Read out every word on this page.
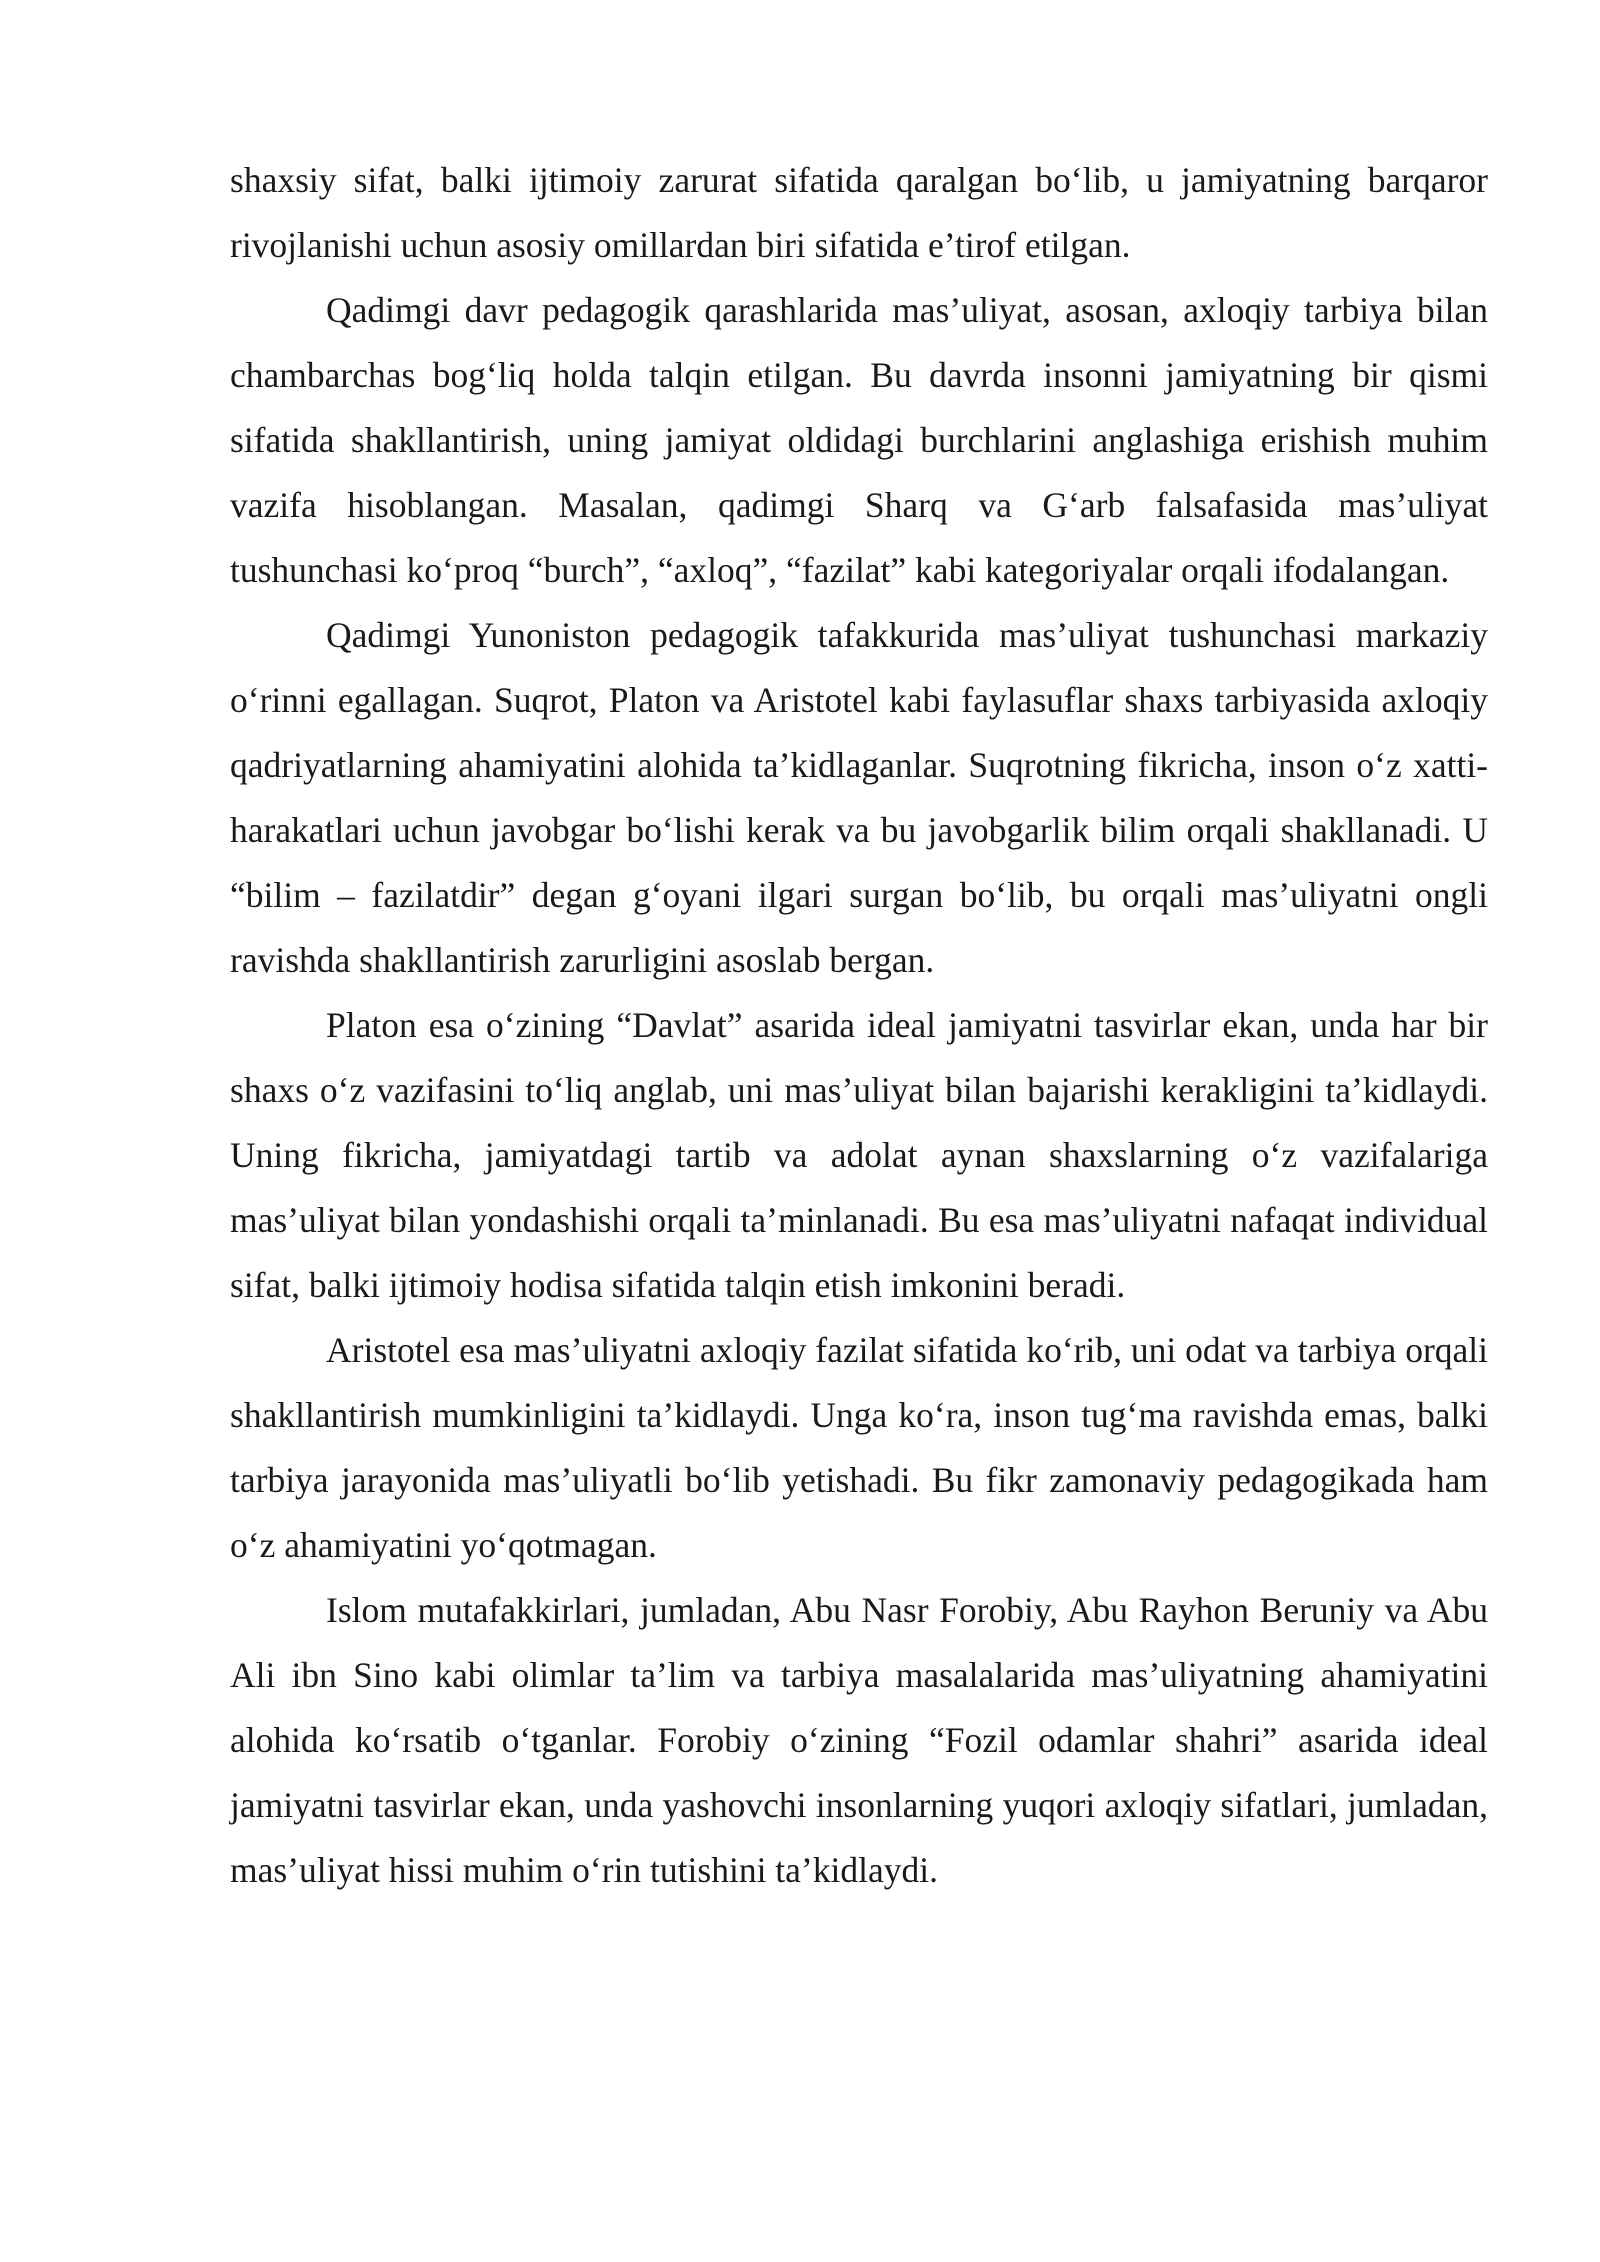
shaxsiy sifat, balki ijtimoiy zarurat sifatida qaralgan bo‘lib, u jamiyatning barqaror rivojlanishi uchun asosiy omillardan biri sifatida e’tirof etilgan.

Qadimgi davr pedagogik qarashlarida mas’uliyat, asosan, axloqiy tarbiya bilan chambarchas bog‘liq holda talqin etilgan. Bu davrda insonni jamiyatning bir qismi sifatida shakllantirish, uning jamiyat oldidagi burchlarini anglashiga erishish muhim vazifa hisoblangan. Masalan, qadimgi Sharq va G‘arb falsafasida mas’uliyat tushunchasi ko‘proq “burch”, “axloq”, “fazilat” kabi kategoriyalar orqali ifodalangan.

Qadimgi Yunoniston pedagogik tafakkurida mas’uliyat tushunchasi markaziy o‘rinni egallagan. Suqrot, Platon va Aristotel kabi faylasuflar shaxs tarbiyasida axloqiy qadriyatlarning ahamiyatini alohida ta’kidlaganlar. Suqrotning fikricha, inson o‘z xatti-harakatlari uchun javobgar bo‘lishi kerak va bu javobgarlik bilim orqali shakllanadi. U “bilim – fazilatdir” degan g‘oyani ilgari surgan bo‘lib, bu orqali mas’uliyatni ongli ravishda shakllantirish zarurligini asoslab bergan.

Platon esa o‘zining “Davlat” asarida ideal jamiyatni tasvirlar ekan, unda har bir shaxs o‘z vazifasini to‘liq anglab, uni mas’uliyat bilan bajarishi kerakligini ta’kidlaydi. Uning fikricha, jamiyatdagi tartib va adolat aynan shaxslarning o‘z vazifalariga mas’uliyat bilan yondashishi orqali ta’minlanadi. Bu esa mas’uliyatni nafaqat individual sifat, balki ijtimoiy hodisa sifatida talqin etish imkonini beradi.

Aristotel esa mas’uliyatni axloqiy fazilat sifatida ko‘rib, uni odat va tarbiya orqali shakllantirish mumkinligini ta’kidlaydi. Unga ko‘ra, inson tug‘ma ravishda emas, balki tarbiya jarayonida mas’uliyatli bo‘lib yetishadi. Bu fikr zamonaviy pedagogikada ham o‘z ahamiyatini yo‘qotmagan.

Islom mutafakkirlari, jumladan, Abu Nasr Forobiy, Abu Rayhon Beruniy va Abu Ali ibn Sino kabi olimlar ta’lim va tarbiya masalalarida mas’uliyatning ahamiyatini alohida ko‘rsatib o‘tganlar. Forobiy o‘zining “Fozil odamlar shahri” asarida ideal jamiyatni tasvirlar ekan, unda yashovchi insonlarning yuqori axloqiy sifatlari, jumladan, mas’uliyat hissi muhim o‘rin tutishini ta’kidlaydi.
